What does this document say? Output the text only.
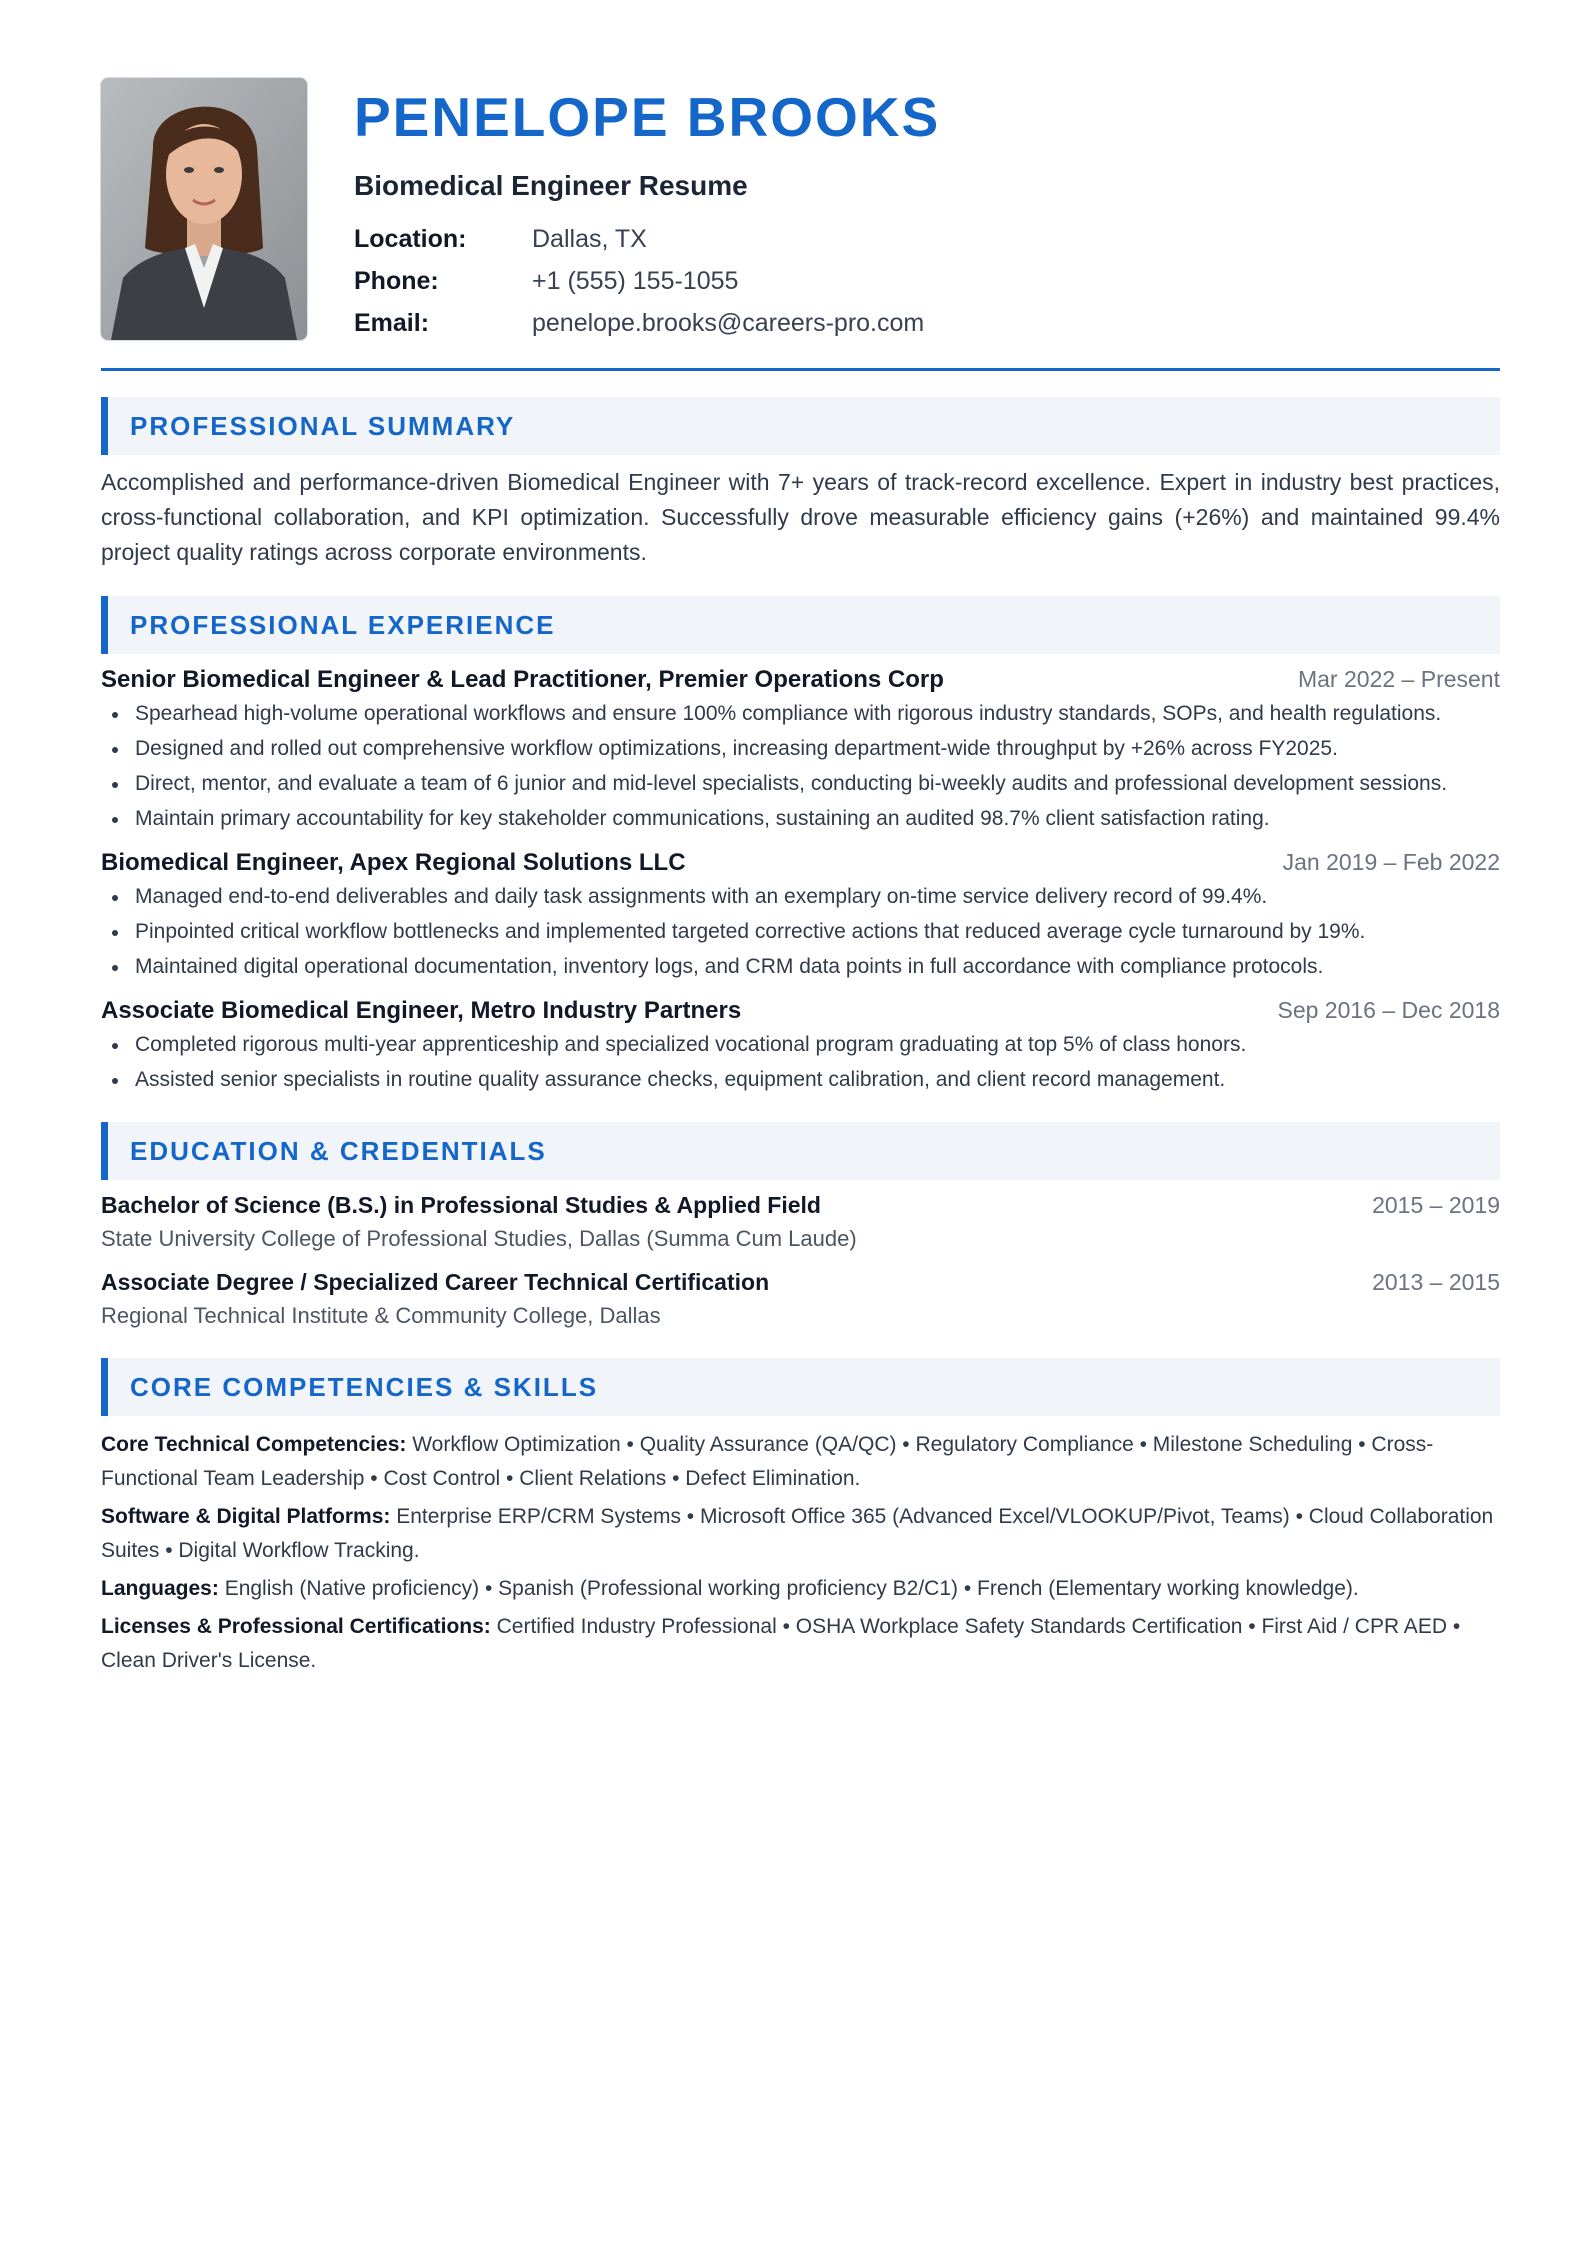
PENELOPE BROOKS
Biomedical Engineer Resume
Location:	Dallas, TX
Phone:	+1 (555) 155-1055
Email:	penelope.brooks@careers-pro.com
PROFESSIONAL SUMMARY
Accomplished and performance-driven Biomedical Engineer with 7+ years of track-record excellence. Expert in industry best practices, cross-functional collaboration, and KPI optimization. Successfully drove measurable efficiency gains (+26%) and maintained 99.4% project quality ratings across corporate environments.
PROFESSIONAL EXPERIENCE
Senior Biomedical Engineer & Lead Practitioner, Premier Operations Corp	Mar 2022 – Present
Spearhead high-volume operational workflows and ensure 100% compliance with rigorous industry standards, SOPs, and health regulations.
Designed and rolled out comprehensive workflow optimizations, increasing department-wide throughput by +26% across FY2025.
Direct, mentor, and evaluate a team of 6 junior and mid-level specialists, conducting bi-weekly audits and professional development sessions.
Maintain primary accountability for key stakeholder communications, sustaining an audited 98.7% client satisfaction rating.
Biomedical Engineer, Apex Regional Solutions LLC	Jan 2019 – Feb 2022
Managed end-to-end deliverables and daily task assignments with an exemplary on-time service delivery record of 99.4%.
Pinpointed critical workflow bottlenecks and implemented targeted corrective actions that reduced average cycle turnaround by 19%.
Maintained digital operational documentation, inventory logs, and CRM data points in full accordance with compliance protocols.
Associate Biomedical Engineer, Metro Industry Partners	Sep 2016 – Dec 2018
Completed rigorous multi-year apprenticeship and specialized vocational program graduating at top 5% of class honors.
Assisted senior specialists in routine quality assurance checks, equipment calibration, and client record management.
EDUCATION & CREDENTIALS
Bachelor of Science (B.S.) in Professional Studies & Applied Field	2015 – 2019
State University College of Professional Studies, Dallas (Summa Cum Laude)
Associate Degree / Specialized Career Technical Certification	2013 – 2015
Regional Technical Institute & Community College, Dallas
CORE COMPETENCIES & SKILLS
Core Technical Competencies: Workflow Optimization • Quality Assurance (QA/QC) • Regulatory Compliance • Milestone Scheduling • Cross-Functional Team Leadership • Cost Control • Client Relations • Defect Elimination.
Software & Digital Platforms: Enterprise ERP/CRM Systems • Microsoft Office 365 (Advanced Excel/VLOOKUP/Pivot, Teams) • Cloud Collaboration Suites • Digital Workflow Tracking.
Languages: English (Native proficiency) • Spanish (Professional working proficiency B2/C1) • French (Elementary working knowledge).
Licenses & Professional Certifications: Certified Industry Professional • OSHA Workplace Safety Standards Certification • First Aid / CPR AED • Clean Driver's License.
